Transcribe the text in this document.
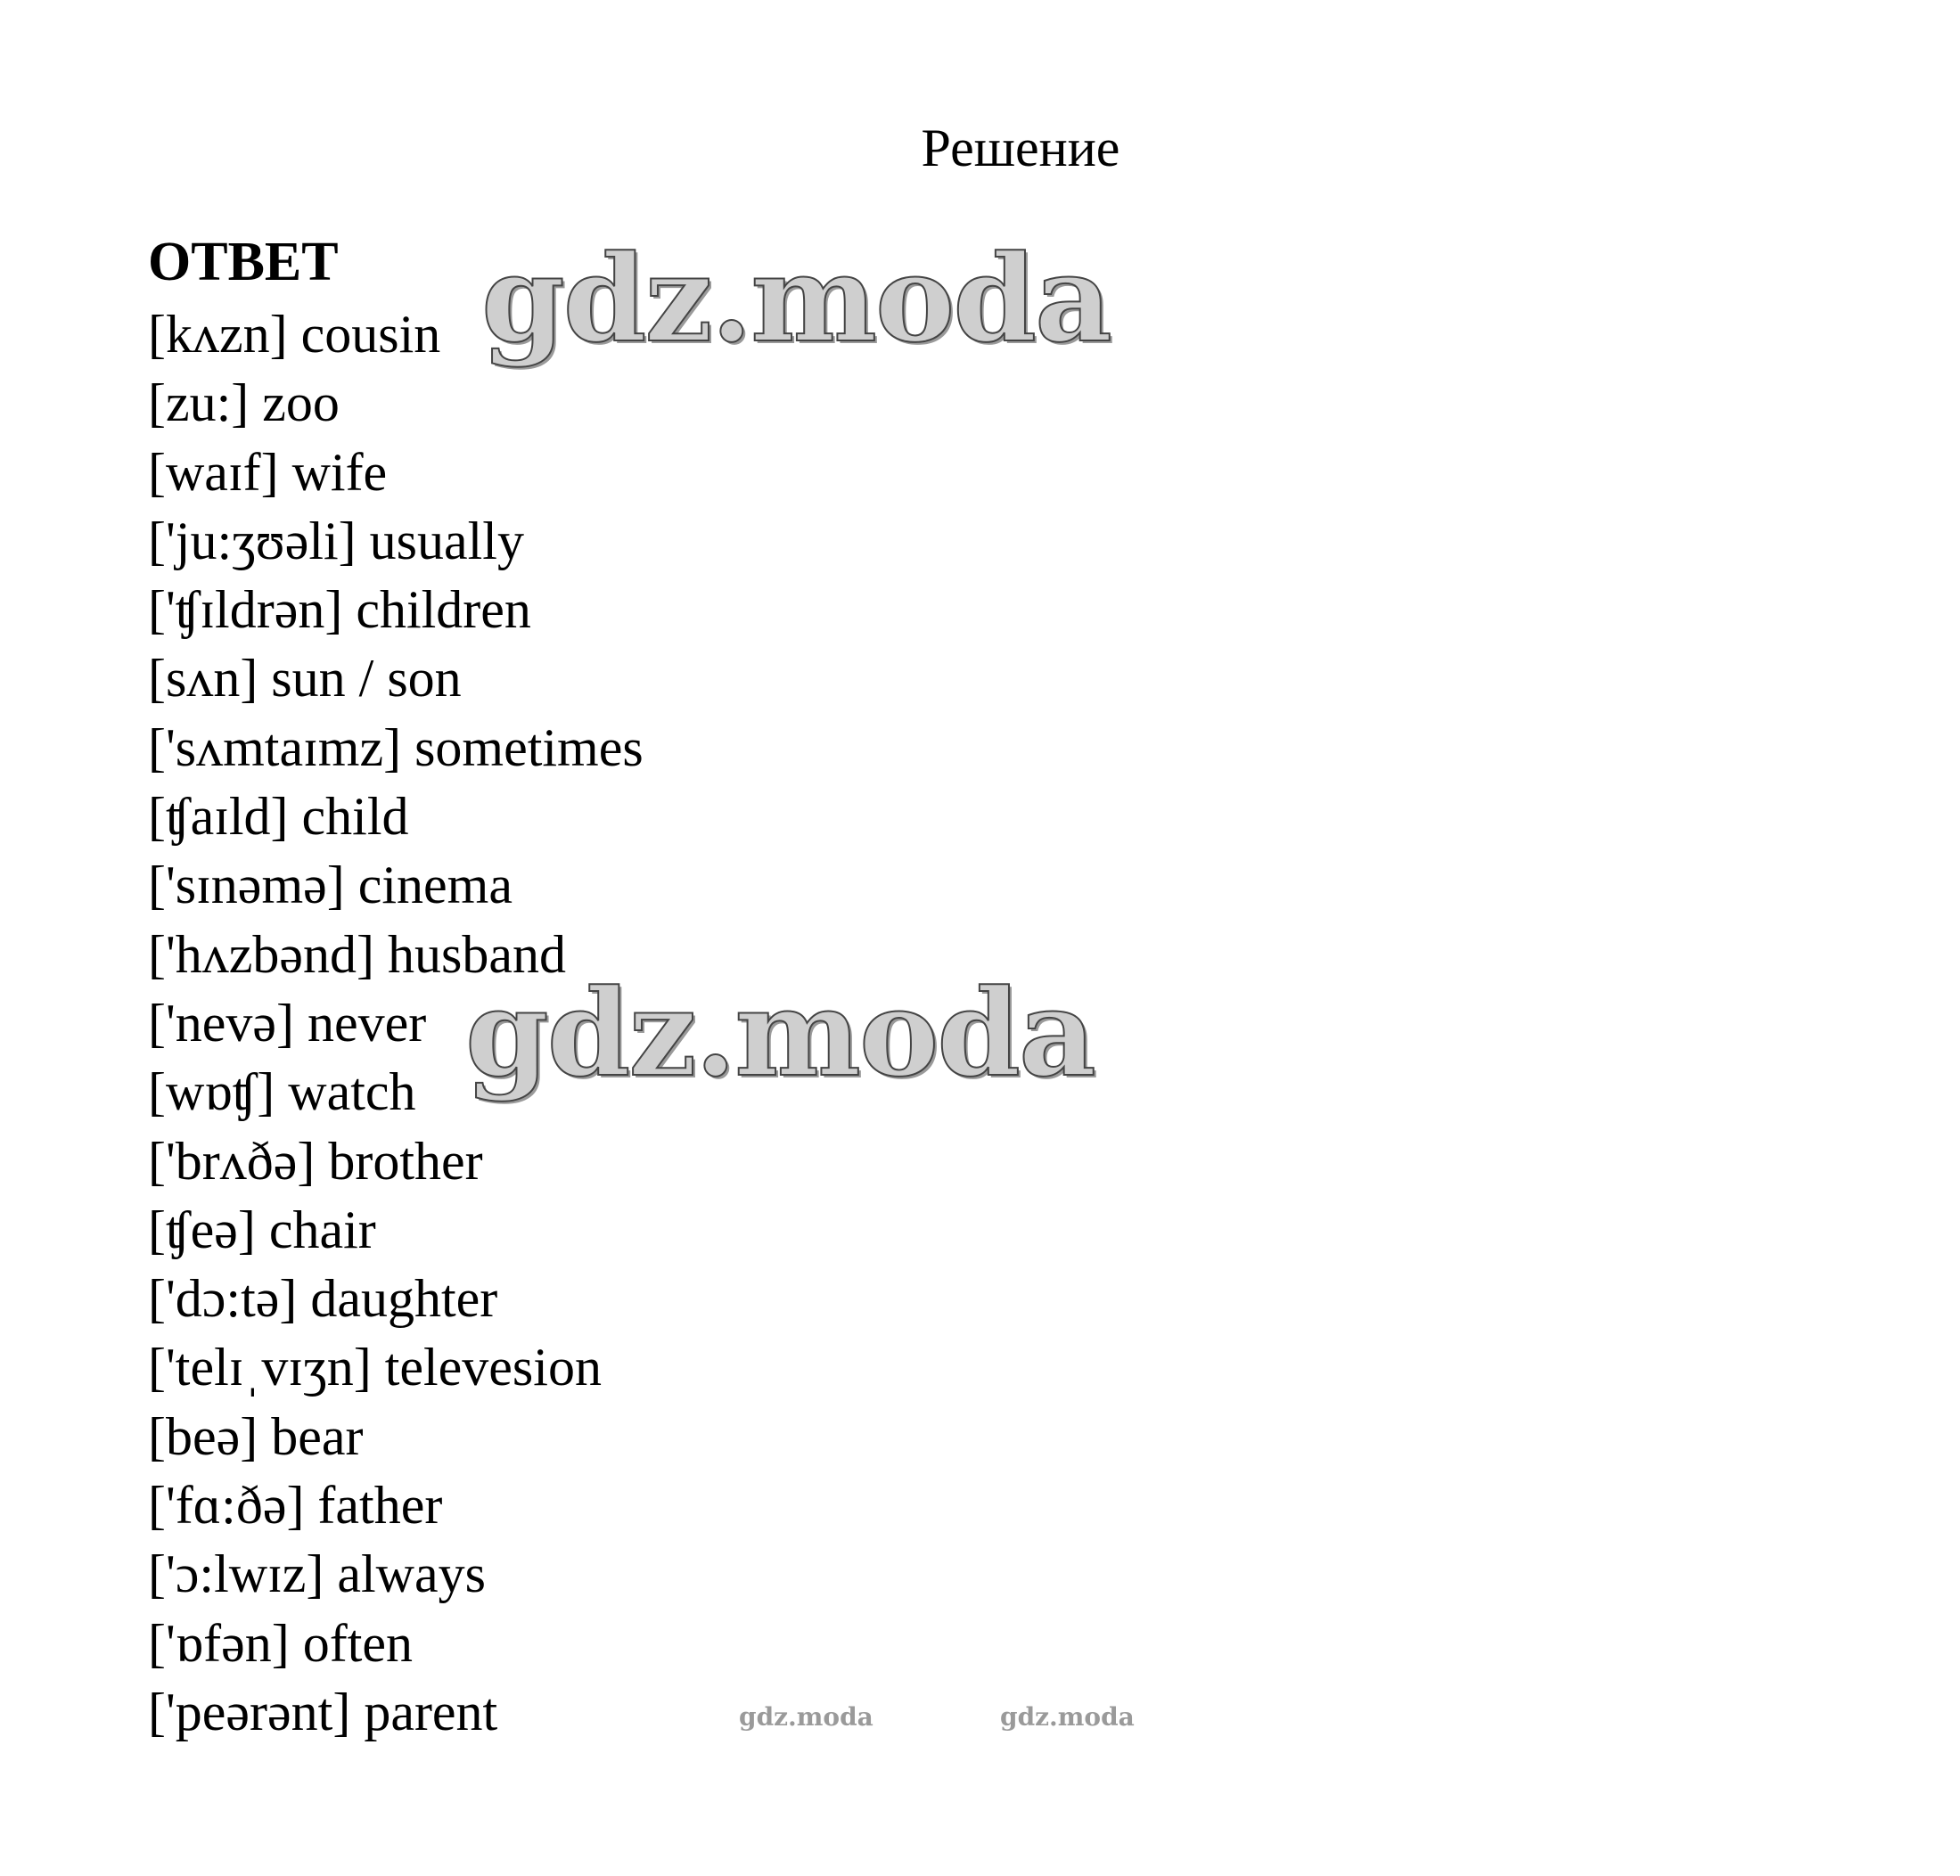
Решение
ОТВЕТ
[kʌzn] cousin
[zu:] zoo
[waɪf] wife
['ju:ʒʊəli] usually
['ʧɪldrən] children
[sʌn] sun / son
['sʌmtaɪmz] sometimes
[ʧaɪld] child
['sɪnəmə] cinema
['hʌzbənd] husband
['nevə] never
[wɒʧ] watch
['brʌðə] brother
[ʧeə] chair
['dɔ:tə] daughter
['telɪˌvɪʒn] televesion
[beə] bear
['fɑ:ðə] father
['ɔ:lwɪz] always
['ɒfən] often
['peərənt] parent
gdz.moda
gdz.moda
gdz.moda	gdz.moda
